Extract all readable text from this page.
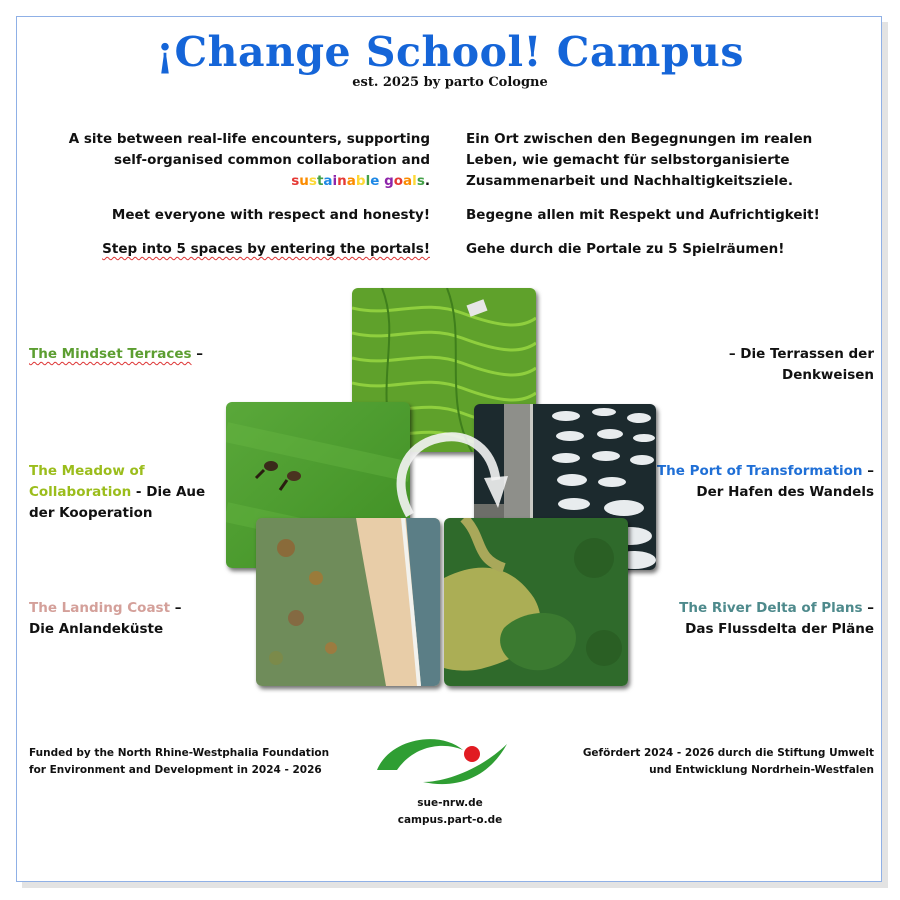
¡Change School! Campus
est. 2025 by parto Cologne
A site between real-life encounters, supporting self-organised common collaboration and sustainable goals.
Meet everyone with respect and honesty!
Step into 5 spaces by entering the portals!
Ein Ort zwischen den Begegnungen im realen Leben, wie gemacht für selbstorganisierte Zusammenarbeit und Nachhaltigkeitsziele.
Begegne allen mit Respekt und Aufrichtigkeit!
Gehe durch die Portale zu 5 Spielräumen!
The Mindset Terraces –
The Meadow of Collaboration - Die Aue der Kooperation
The Landing Coast –
Die Anlandeküste
– Die Terrassen der Denkweisen
The Port of Transformation – Der Hafen des Wandels
The River Delta of Plans –
Das Flussdelta der Pläne
Funded by the North Rhine-Westphalia Foundation for Environment and Development in 2024 - 2026
Gefördert 2024 - 2026 durch die Stiftung Umwelt und Entwicklung Nordrhein-Westfalen
sue-nrw.de
campus.part-o.de
